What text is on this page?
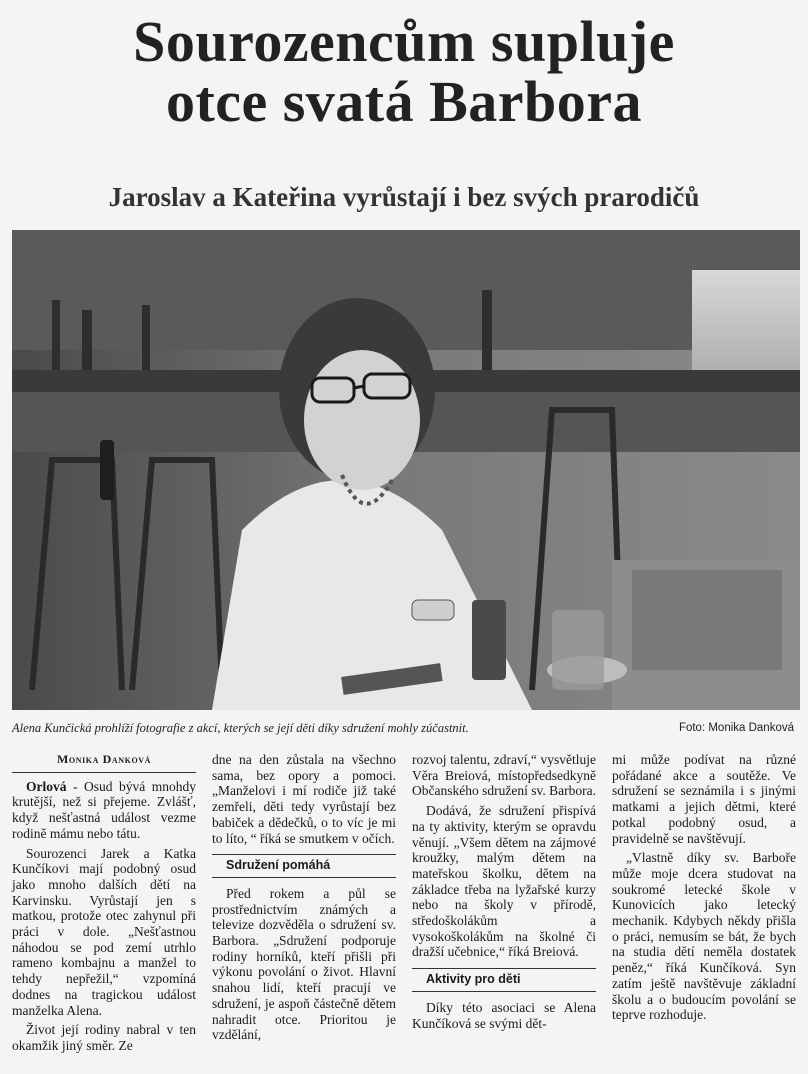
Sourozencům supluje
otce svatá Barbora
Jaroslav a Kateřina vyrůstají i bez svých prarodičů
Alena Kunčická prohlíží fotografie z akcí, kterých se její děti díky sdružení mohly zúčastnit.	Foto: Monika Danková
Monika Danková

Orlová - Osud bývá mnohdy krutější, než si přejeme. Zvlášť, když nešťastná událost vezme rodině mámu nebo tátu.

Sourozenci Jarek a Katka Kunčíkovi mají podobný osud jako mnoho dalších dětí na Karvinsku. Vyrůstají jen s matkou, protože otec zahynul při práci v dole. „Nešťastnou náhodou se pod zemí utrhlo rameno kombajnu a manžel to tehdy nepřežil,“ vzpomíná dodnes na tragickou událost manželka Alena.

Život její rodiny nabral v ten okamžik jiný směr. Ze

dne na den zůstala na všechno sama, bez opory a pomoci. „Manželovi i mí rodiče již také zemřeli, děti tedy vyrůstají bez babiček a dědečků, o to víc je mi to líto, “ říká se smutkem v očích.

Sdružení pomáhá

Před rokem a půl se prostřednictvím známých a televize dozvěděla o sdružení sv. Barbora. „Sdružení podporuje rodiny horníků, kteří přišli při výkonu povolání o život. Hlavní snahou lidí, kteří pracují ve sdružení, je aspoň částečně dětem nahradit otce. Prioritou je vzdělání,

rozvoj talentu, zdraví,“ vysvětluje Věra Breiová, místopředsedkyně Občanského sdružení sv. Barbora.

Dodává, že sdružení přispívá na ty aktivity, kterým se opravdu věnují. „Všem dětem na zájmové kroužky, malým dětem na mateřskou školku, dětem na základce třeba na lyžařské kurzy nebo na školy v přírodě, středoškolákům a vysokoškolákům na školné či dražší učebnice,“ říká Breiová.

Aktivity pro děti

Díky této asociaci se Alena Kunčíková se svými dět-

mi může podívat na různé pořádané akce a soutěže. Ve sdružení se seznámila i s jinými matkami a jejich dětmi, které potkal podobný osud, a pravidelně se navštěvují.

„Vlastně díky sv. Barboře může moje dcera studovat na soukromé letecké škole v Kunovicích jako letecký mechanik. Kdybych někdy přišla o práci, nemusím se bát, že bych na studia dětí neměla dostatek peněz,“ říká Kunčíková. Syn zatím ještě navštěvuje základní školu a o budoucím povolání se teprve rozhoduje.
